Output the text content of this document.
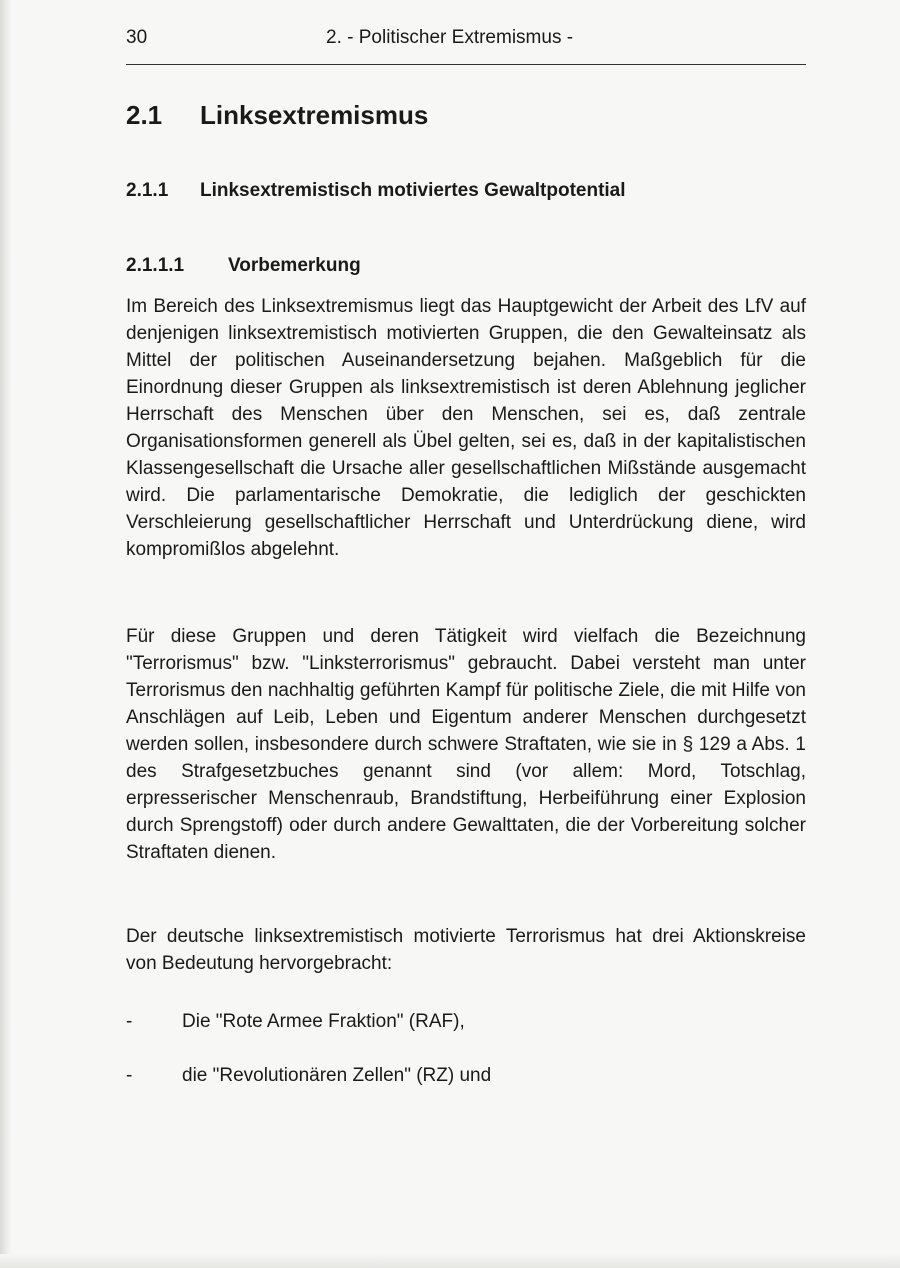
30	2. - Politischer Extremismus -
2.1 Linksextremismus
2.1.1 Linksextremistisch motiviertes Gewaltpotential
2.1.1.1 Vorbemerkung

Im Bereich des Linksextremismus liegt das Hauptgewicht der Arbeit des LfV auf denjenigen linksextremistisch motivierten Gruppen, die den Gewalteinsatz als Mittel der politischen Auseinandersetzung bejahen. Maßgeblich für die Einordnung dieser Gruppen als linksextremistisch ist deren Ablehnung jeglicher Herrschaft des Menschen über den Menschen, sei es, daß zentrale Organisationsformen generell als Übel gelten, sei es, daß in der kapitalistischen Klassengesellschaft die Ursache aller gesellschaftlichen Mißstände ausgemacht wird. Die parlamentarische Demokratie, die lediglich der geschickten Verschleierung gesellschaftlicher Herrschaft und Unterdrückung diene, wird kompromißlos abgelehnt.

Für diese Gruppen und deren Tätigkeit wird vielfach die Bezeichnung "Terrorismus" bzw. "Linksterrorismus" gebraucht. Dabei versteht man unter Terrorismus den nachhaltig geführten Kampf für politische Ziele, die mit Hilfe von Anschlägen auf Leib, Leben und Eigentum anderer Menschen durchgesetzt werden sollen, insbesondere durch schwere Straftaten, wie sie in § 129 a Abs. 1 des Strafgesetzbuches genannt sind (vor allem: Mord, Totschlag, erpresserischer Menschenraub, Brandstiftung, Herbeiführung einer Explosion durch Sprengstoff) oder durch andere Gewalttaten, die der Vorbereitung solcher Straftaten dienen.

Der deutsche linksextremistisch motivierte Terrorismus hat drei Aktionskreise von Bedeutung hervorgebracht:

-	Die "Rote Armee Fraktion" (RAF),
-	die "Revolutionären Zellen" (RZ) und
